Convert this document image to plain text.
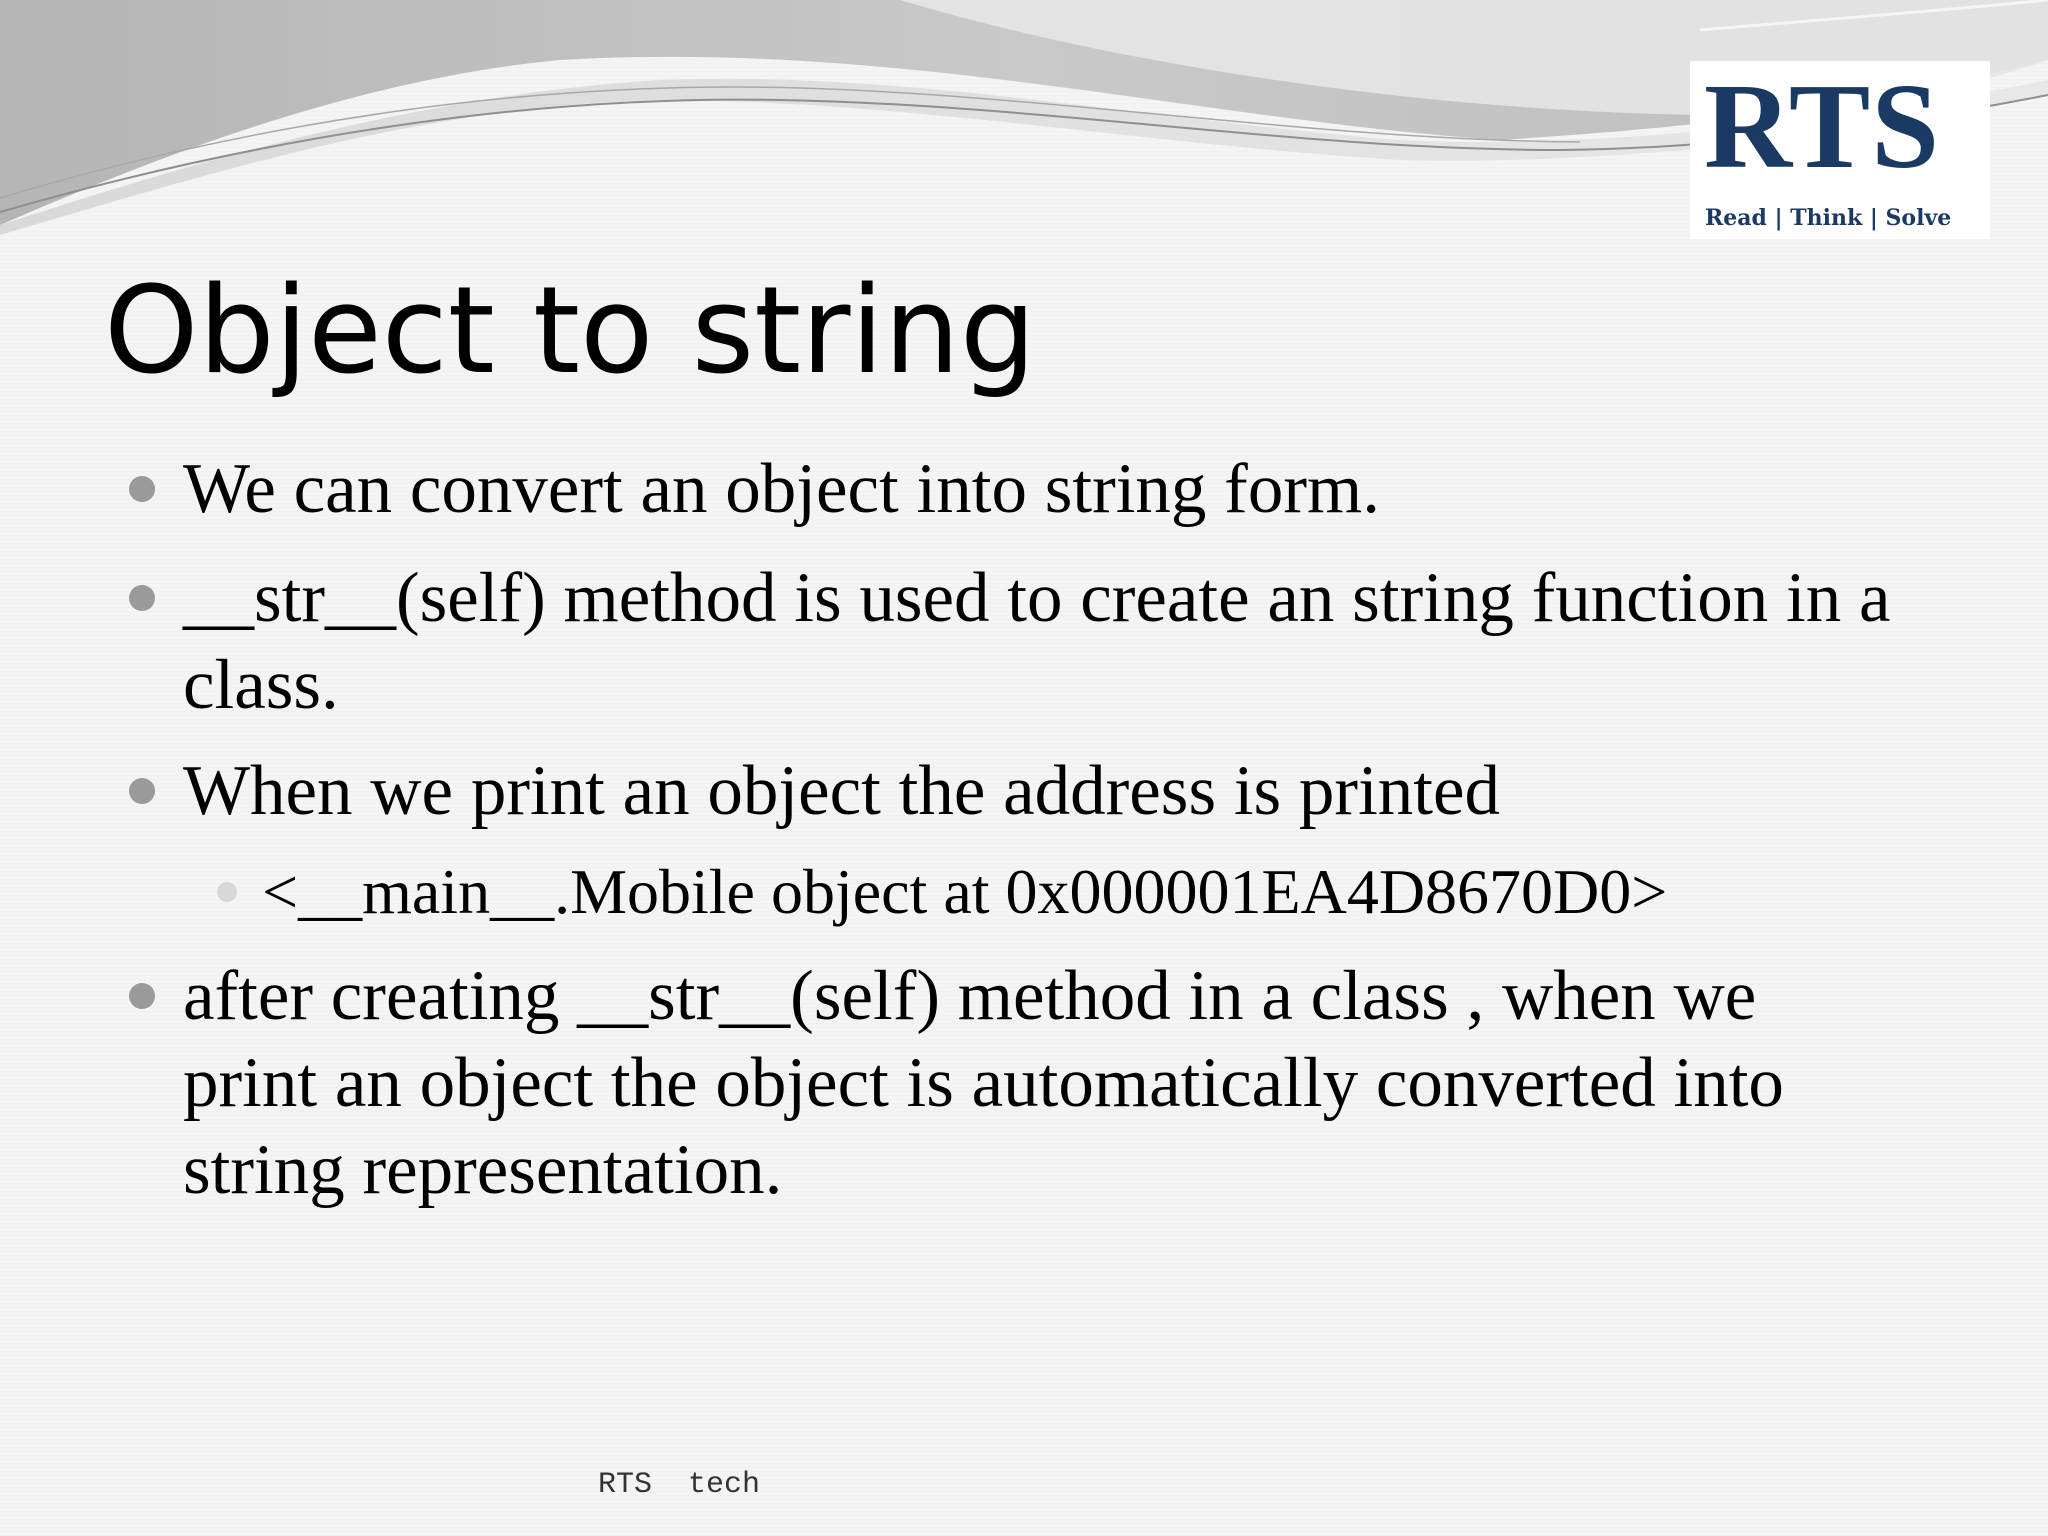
RTS
Read | Think | Solve
Object to string
We can convert an object into string form.
__str__(self) method is used to create an string function in a class.
When we print an object the address is printed
<__main__.Mobile object at 0x000001EA4D8670D0>
after creating __str__(self) method in a class , when we print an object the object is automatically converted into string representation.
RTS  tech
